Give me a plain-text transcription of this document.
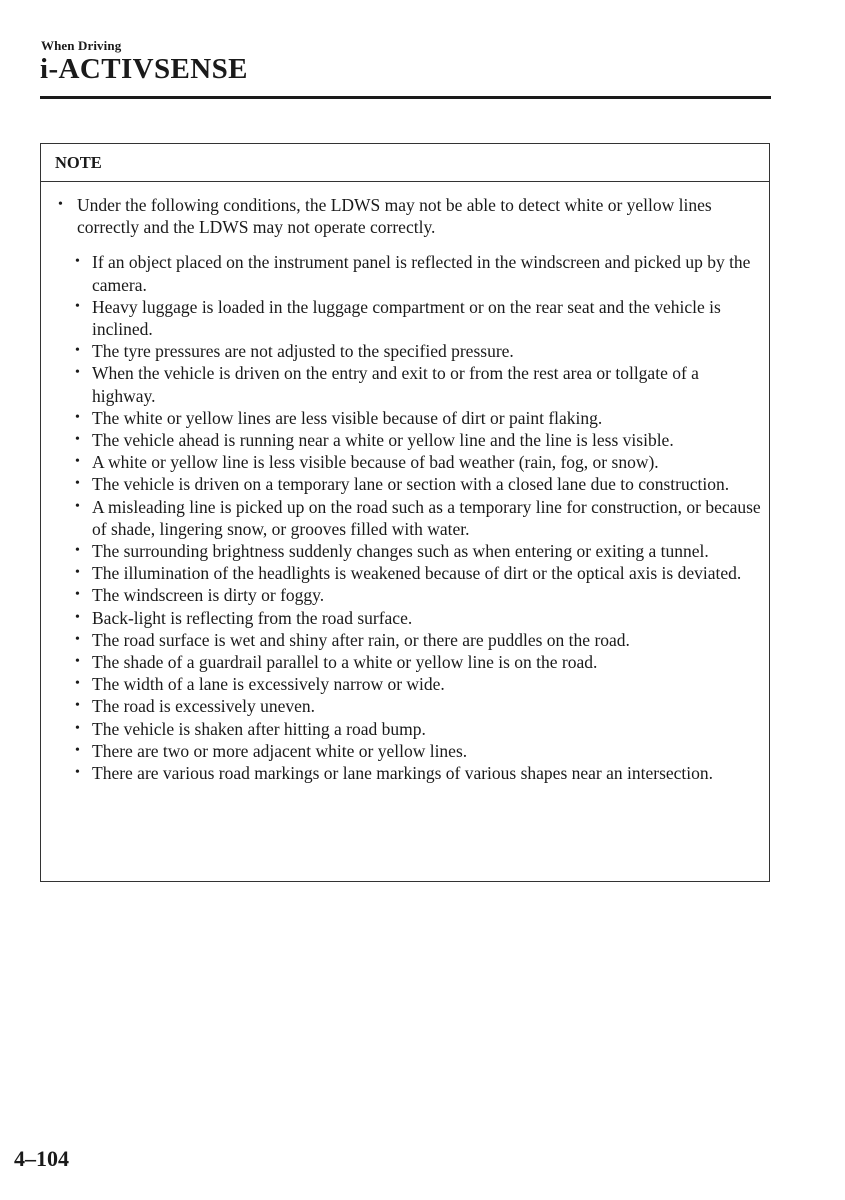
When Driving
i-ACTIVSENSE
NOTE
• Under the following conditions, the LDWS may not be able to detect white or yellow lines correctly and the LDWS may not operate correctly.
• If an object placed on the instrument panel is reflected in the windscreen and picked up by the camera.
• Heavy luggage is loaded in the luggage compartment or on the rear seat and the vehicle is inclined.
• The tyre pressures are not adjusted to the specified pressure.
• When the vehicle is driven on the entry and exit to or from the rest area or tollgate of a highway.
• The white or yellow lines are less visible because of dirt or paint flaking.
• The vehicle ahead is running near a white or yellow line and the line is less visible.
• A white or yellow line is less visible because of bad weather (rain, fog, or snow).
• The vehicle is driven on a temporary lane or section with a closed lane due to construction.
• A misleading line is picked up on the road such as a temporary line for construction, or because of shade, lingering snow, or grooves filled with water.
• The surrounding brightness suddenly changes such as when entering or exiting a tunnel.
• The illumination of the headlights is weakened because of dirt or the optical axis is deviated.
• The windscreen is dirty or foggy.
• Back-light is reflecting from the road surface.
• The road surface is wet and shiny after rain, or there are puddles on the road.
• The shade of a guardrail parallel to a white or yellow line is on the road.
• The width of a lane is excessively narrow or wide.
• The road is excessively uneven.
• The vehicle is shaken after hitting a road bump.
• There are two or more adjacent white or yellow lines.
• There are various road markings or lane markings of various shapes near an intersection.
4–104
